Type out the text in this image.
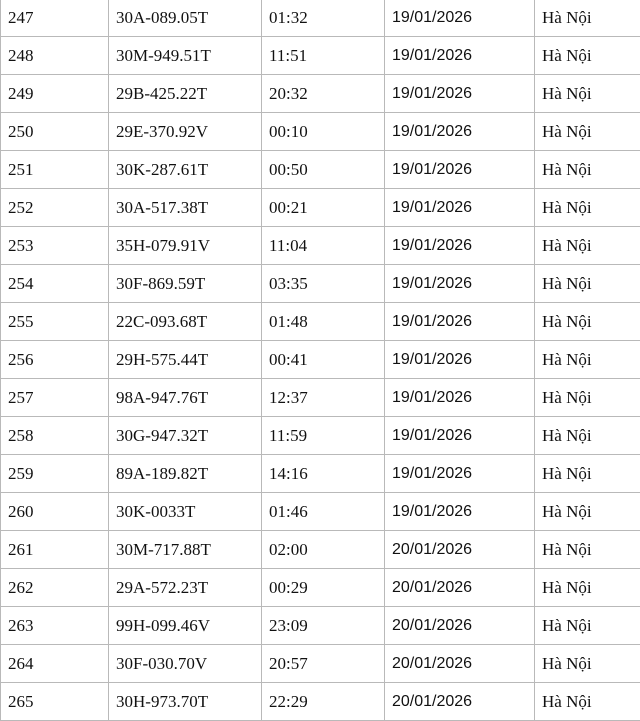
247	30A-089.05T	01:32	19/01/2026	Hà Nội
248	30M-949.51T	11:51	19/01/2026	Hà Nội
249	29B-425.22T	20:32	19/01/2026	Hà Nội
250	29E-370.92V	00:10	19/01/2026	Hà Nội
251	30K-287.61T	00:50	19/01/2026	Hà Nội
252	30A-517.38T	00:21	19/01/2026	Hà Nội
253	35H-079.91V	11:04	19/01/2026	Hà Nội
254	30F-869.59T	03:35	19/01/2026	Hà Nội
255	22C-093.68T	01:48	19/01/2026	Hà Nội
256	29H-575.44T	00:41	19/01/2026	Hà Nội
257	98A-947.76T	12:37	19/01/2026	Hà Nội
258	30G-947.32T	11:59	19/01/2026	Hà Nội
259	89A-189.82T	14:16	19/01/2026	Hà Nội
260	30K-0033T	01:46	19/01/2026	Hà Nội
261	30M-717.88T	02:00	20/01/2026	Hà Nội
262	29A-572.23T	00:29	20/01/2026	Hà Nội
263	99H-099.46V	23:09	20/01/2026	Hà Nội
264	30F-030.70V	20:57	20/01/2026	Hà Nội
265	30H-973.70T	22:29	20/01/2026	Hà Nội
